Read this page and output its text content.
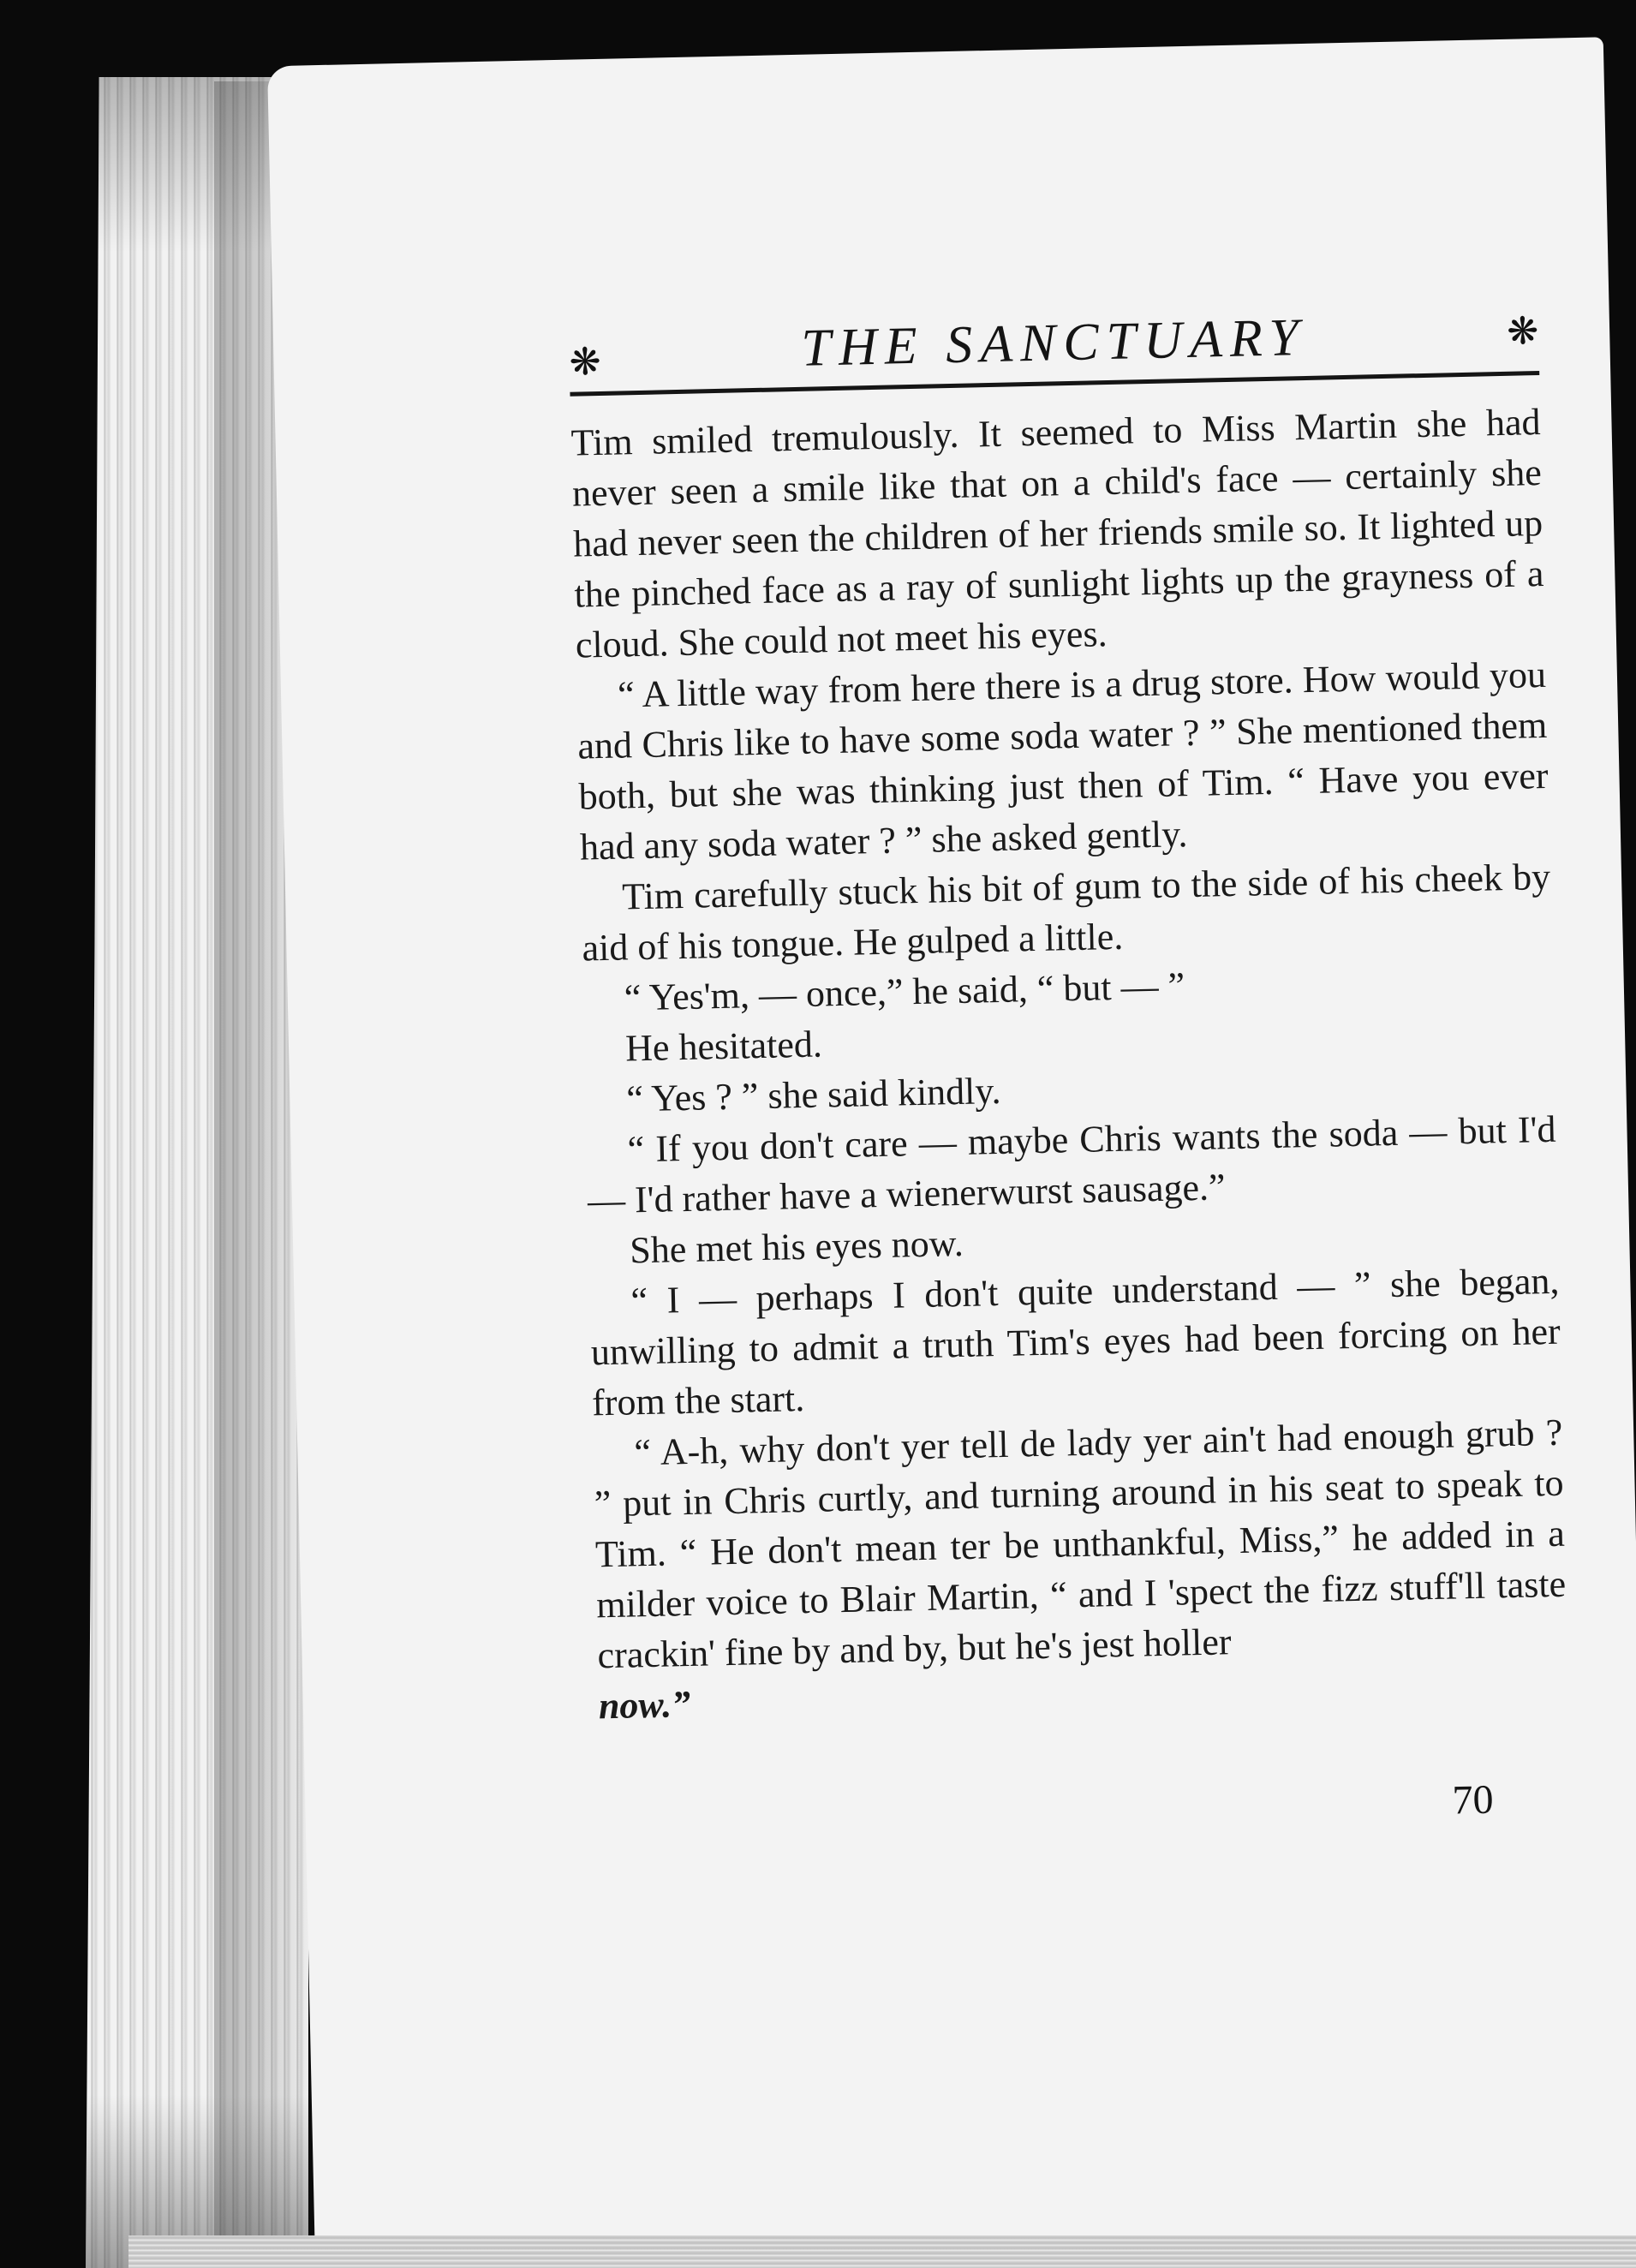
❋	THE SANCTUARY	❋

Tim smiled tremulously. It seemed to Miss Martin she had never seen a smile like that on a child's face — certainly she had never seen the children of her friends smile so. It lighted up the pinched face as a ray of sunlight lights up the grayness of a cloud. She could not meet his eyes.

“ A little way from here there is a drug store. How would you and Chris like to have some soda water ? ” She mentioned them both, but she was thinking just then of Tim. “ Have you ever had any soda water ? ” she asked gently.

Tim carefully stuck his bit of gum to the side of his cheek by aid of his tongue. He gulped a little.

“ Yes'm, — once,” he said, “ but — ”

He hesitated.

“ Yes ? ” she said kindly.

“ If you don't care — maybe Chris wants the soda — but I'd — I'd rather have a wienerwurst sausage.”

She met his eyes now.

“ I — perhaps I don't quite understand — ” she began, unwilling to admit a truth Tim's eyes had been forcing on her from the start.

“ A-h, why don't yer tell de lady yer ain't had enough grub ? ” put in Chris curtly, and turning around in his seat to speak to Tim. “ He don't mean ter be unthankful, Miss,” he added in a milder voice to Blair Martin, “ and I 'spect the fizz stuff'll taste crackin' fine by and by, but he's jest holler

now.”

70
